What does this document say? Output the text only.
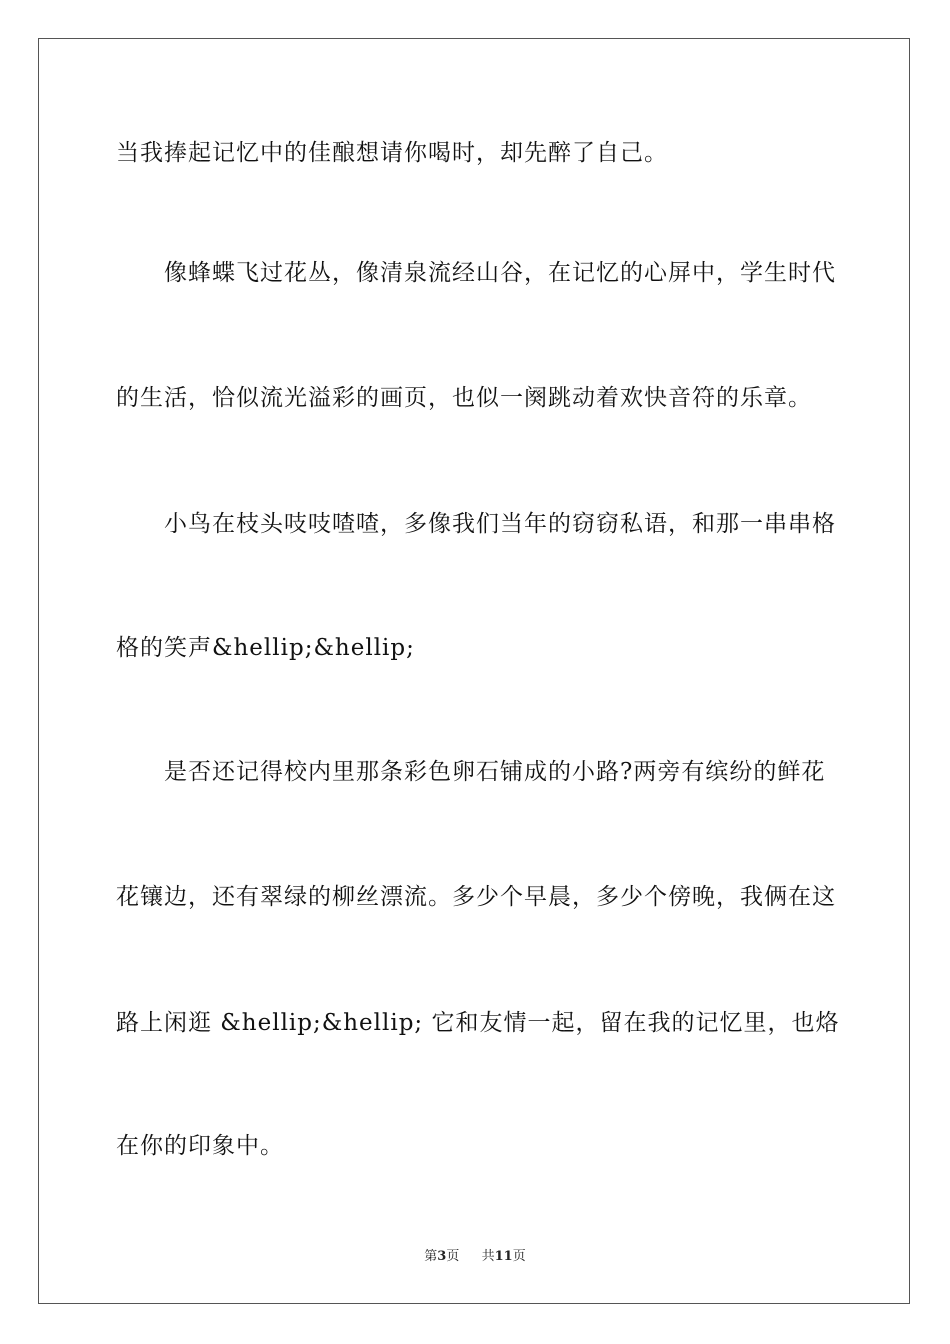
当我捧起记忆中的佳酿想请你喝时，却先醉了自己。
像蜂蝶飞过花丛，像清泉流经山谷，在记忆的心屏中，学生时代
的生活，恰似流光溢彩的画页，也似一阕跳动着欢快音符的乐章。
小鸟在枝头吱吱喳喳，多像我们当年的窃窃私语，和那一串串格
格的笑声&hellip;&hellip;
是否还记得校内里那条彩色卵石铺成的小路?两旁有缤纷的鲜花
花镶边，还有翠绿的柳丝漂流。多少个早晨，多少个傍晚，我俩在这
路上闲逛 &hellip;&hellip; 它和友情一起，留在我的记忆里，也烙
在你的印象中。
第3页 共11页
